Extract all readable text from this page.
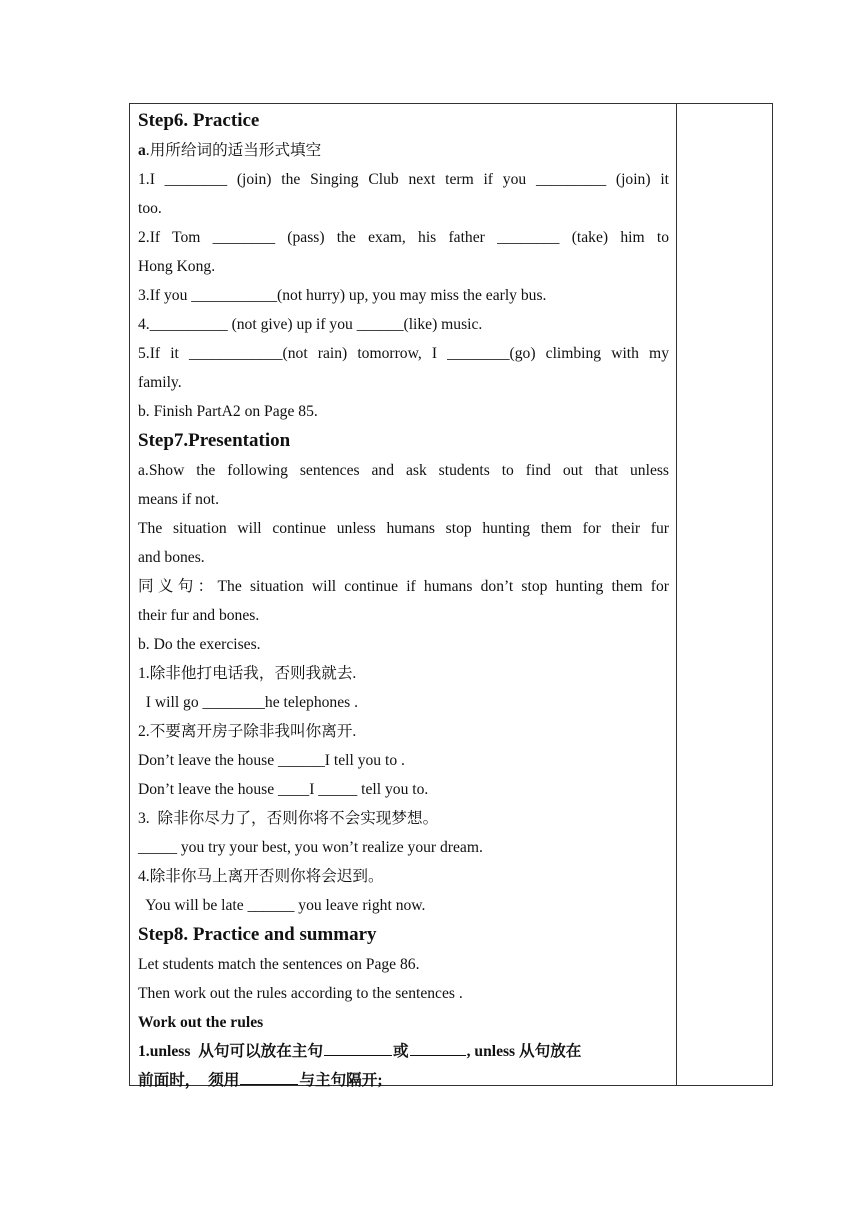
Step6. Practice
a.用所给词的适当形式填空
1.I ________ (join) the Singing Club next term if you _________ (join) it
too.
2.If Tom ________ (pass) the exam, his father ________ (take) him to
Hong Kong.
3.If you ___________(not hurry) up, you may miss the early bus.
4.__________ (not give) up if you ______(like) music.
5.If it ____________(not rain) tomorrow, I ________(go) climbing with my
family.
b. Finish PartA2 on Page 85.
Step7.Presentation
a.Show the following sentences and ask students to find out that unless
means if not.
The situation will continue unless humans stop hunting them for their fur
and bones.
同义句：The situation will continue if humans don’t stop hunting them for
their fur and bones.
b. Do the exercises.
1.除非他打电话我，否则我就去.
I will go ________he telephones .
2.不要离开房子除非我叫你离开.
Don’t leave the house ______I tell you to .
Don’t leave the house ____I _____ tell you to.
3.  除非你尽力了，否则你将不会实现梦想。
_____ you try your best, you won’t realize your dream.
4.除非你马上离开否则你将会迟到。
You will be late ______ you leave right now.
Step8. Practice and summary
Let students match the sentences on Page 86.
Then work out the rules according to the sentences .
Work out the rules
1.unless  从句可以放在主句	或	, unless 从句放在
前面时，  须用	与主句隔开;
